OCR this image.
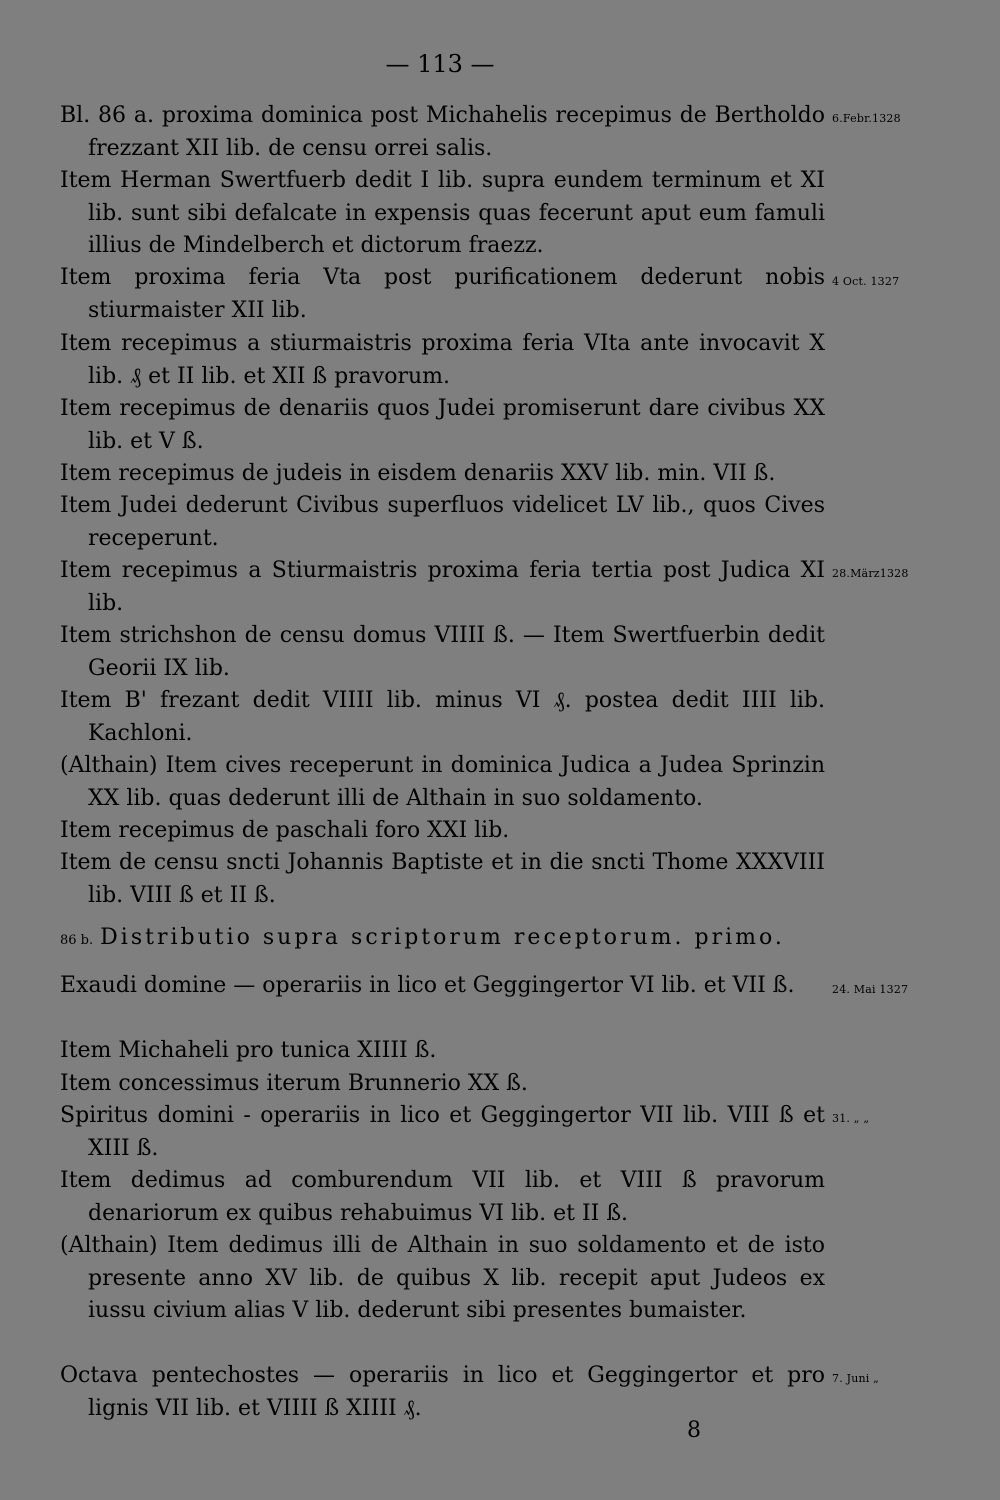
— 113 —
Bl. 86 a. proxima dominica post Michahelis recepimus de Bertholdo frezzant XII lib. de censu orrei salis.
6.Febr.1328
Item Herman Swertfuerb dedit I lib. supra eundem terminum et XI lib. sunt sibi defalcate in expensis quas fecerunt aput eum famuli illius de Mindelberch et dictorum fraezz.
Item proxima feria Vta post purificationem dederunt nobis stiurmaister XII lib.
4 Oct. 1327
Item recepimus a stiurmaistris proxima feria VIta ante invocavit X lib. ₰ et II lib. et XII ß pravorum.
Item recepimus de denariis quos Judei promiserunt dare civibus XX lib. et V ß.
Item recepimus de judeis in eisdem denariis XXV lib. min. VII ß.
Item Judei dederunt Civibus superfluos videlicet LV lib., quos Cives receperunt.
Item recepimus a Stiurmaistris proxima feria tertia post Judica XI lib.
28.März1328
Item strichshon de censu domus VIIII ß. — Item Swertfuerbin dedit Georii IX lib.
Item B' frezant dedit VIIII lib. minus VI ₰. postea dedit IIII lib. Kachloni.
(Althain) Item cives receperunt in dominica Judica a Judea Sprinzin XX lib. quas dederunt illi de Althain in suo soldamento.
Item recepimus de paschali foro XXI lib.
Item de censu sncti Johannis Baptiste et in die sncti Thome XXXVIII lib. VIII ß et II ß.
86 b. Distributio supra scriptorum receptorum. primo.
Exaudi domine — operariis in lico et Geggingertor VI lib. et VII ß.	24. Mai 1327
Item Michaheli pro tunica XIIII ß.
Item concessimus iterum Brunnerio XX ß.
Spiritus domini - operariis in lico et Geggingertor VII lib. VIII ß et XIII ß.
31. „ „
Item dedimus ad comburendum VII lib. et VIII ß pravorum denariorum ex quibus rehabuimus VI lib. et II ß.
(Althain) Item dedimus illi de Althain in suo soldamento et de isto presente anno XV lib. de quibus X lib. recepit aput Judeos ex iussu civium alias V lib. dederunt sibi presentes bumaister.
Octava pentechostes — operariis in lico et Geggingertor et pro lignis VII lib. et VIIII ß XIIII ₰.
7. Juni „
8
